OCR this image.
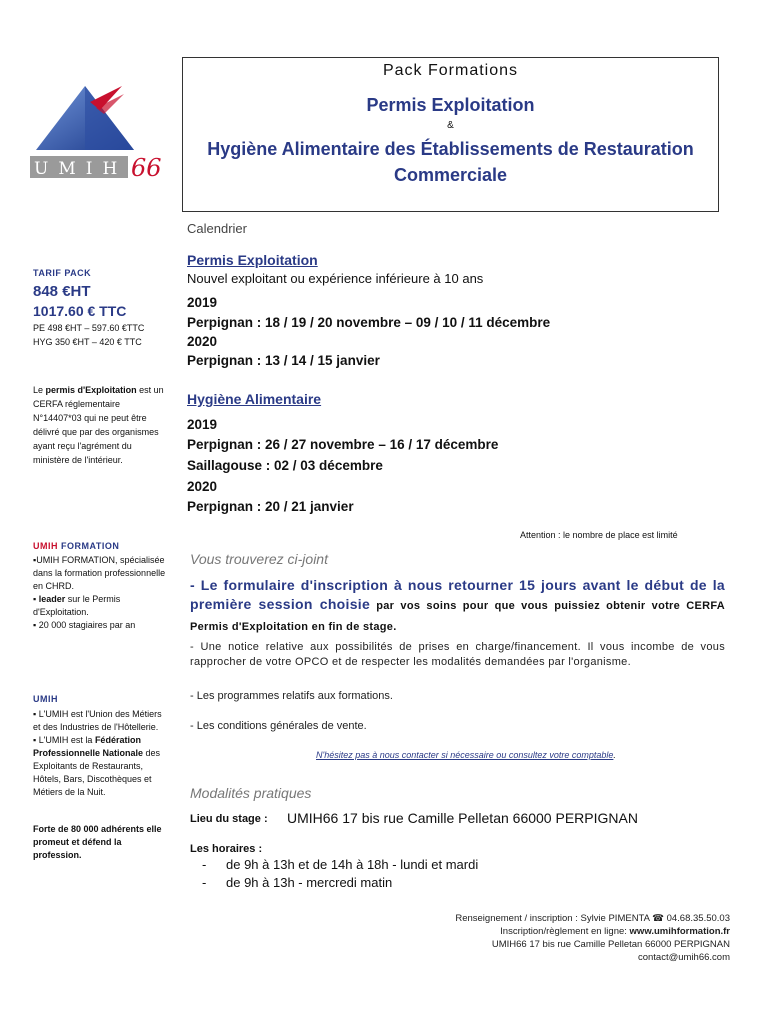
66
UMIH
Pack Formations
Permis Exploitation
&
Hygiène Alimentaire des Établissements de Restauration Commerciale
TARIF PACK
848 €HT
1017.60 € TTC
PE 498 €HT – 597.60 €TTC
HYG 350 €HT – 420 € TTC
Le permis d'Exploitation est un CERFA réglementaire N°14407*03 qui ne peut être délivré que par des organismes ayant reçu l'agrément du ministère de l'intérieur.
UMIH FORMATION
▪UMIH FORMATION, spécialisée dans la formation professionnelle en CHRD.
▪ leader sur le Permis d'Exploitation.
▪ 20 000 stagiaires par an
UMIH
▪ L'UMIH est l'Union des Métiers et des Industries de l'Hôtellerie.
▪ L'UMIH est la Fédération Professionnelle Nationale des Exploitants de Restaurants, Hôtels, Bars, Discothèques et Métiers de la Nuit.
Forte de 80 000 adhérents elle promeut et défend la profession.
Calendrier
Permis Exploitation
Nouvel exploitant ou expérience inférieure à 10 ans
2019
Perpignan : 18 / 19 / 20 novembre – 09 / 10 / 11 décembre
2020
Perpignan : 13 / 14 / 15 janvier
Hygiène Alimentaire
2019
Perpignan : 26 / 27 novembre – 16 / 17 décembre
Saillagouse : 02 / 03 décembre
2020
Perpignan : 20 / 21 janvier
Attention : le nombre de place est limité
Vous trouverez ci-joint
- Le formulaire d'inscription à nous retourner 15 jours avant le début de la première session choisie par vos soins pour que vous puissiez obtenir votre CERFA Permis d'Exploitation en fin de stage.
- Une notice relative aux possibilités de prises en charge/financement. Il vous incombe de vous rapprocher de votre OPCO et de respecter les modalités demandées par l'organisme.
- Les programmes relatifs aux formations.
- Les conditions générales de vente.
N'hésitez pas à nous contacter si nécessaire ou consultez votre comptable.
Modalités pratiques
Lieu du stage : UMIH66 17 bis rue Camille Pelletan 66000 PERPIGNAN
Les horaires :
- de 9h à 13h et de 14h à 18h - lundi et mardi
- de 9h à 13h - mercredi matin
Renseignement / inscription : Sylvie PIMENTA ☎ 04.68.35.50.03
Inscription/règlement en ligne: www.umihformation.fr
UMIH66 17 bis rue Camille Pelletan 66000 PERPIGNAN
contact@umih66.com
